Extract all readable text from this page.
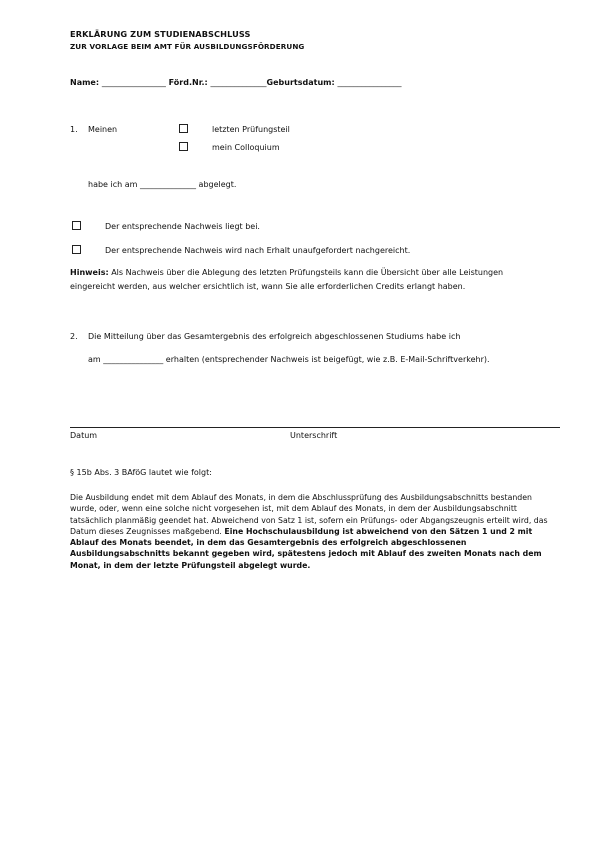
ERKLÄRUNG ZUM STUDIENABSCHLUSS
ZUR VORLAGE BEIM AMT FÜR AUSBILDUNGSFÖRDERUNG
Name: ________________ Förd.Nr.: ______________Geburtsdatum: ________________
1. Meinen	letzten Prüfungsteil
mein Colloquium
habe ich am ______________ abgelegt.
Der entsprechende Nachweis liegt bei.
Der entsprechende Nachweis wird nach Erhalt unaufgefordert nachgereicht.
Hinweis: Als Nachweis über die Ablegung des letzten Prüfungsteils kann die Übersicht über alle Leistungen
eingereicht werden, aus welcher ersichtlich ist, wann Sie alle erforderlichen Credits erlangt haben.
2. Die Mitteilung über das Gesamtergebnis des erfolgreich abgeschlossenen Studiums habe ich
am _______________ erhalten (entsprechender Nachweis ist beigefügt, wie z.B. E-Mail-Schriftverkehr).
Datum	Unterschrift
§ 15b Abs. 3 BAföG lautet wie folgt:
Die Ausbildung endet mit dem Ablauf des Monats, in dem die Abschlussprüfung des Ausbildungsabschnitts bestanden wurde, oder, wenn eine solche nicht vorgesehen ist, mit dem Ablauf des Monats, in dem der Ausbildungsabschnitt tatsächlich planmäßig geendet hat. Abweichend von Satz 1 ist, sofern ein Prüfungs- oder Abgangszeugnis erteilt wird, das Datum dieses Zeugnisses maßgebend. Eine Hochschulausbildung ist abweichend von den Sätzen 1 und 2 mit Ablauf des Monats beendet, in dem das Gesamtergebnis des erfolgreich abgeschlossenen Ausbildungsabschnitts bekannt gegeben wird, spätestens jedoch mit Ablauf des zweiten Monats nach dem Monat, in dem der letzte Prüfungsteil abgelegt wurde.
